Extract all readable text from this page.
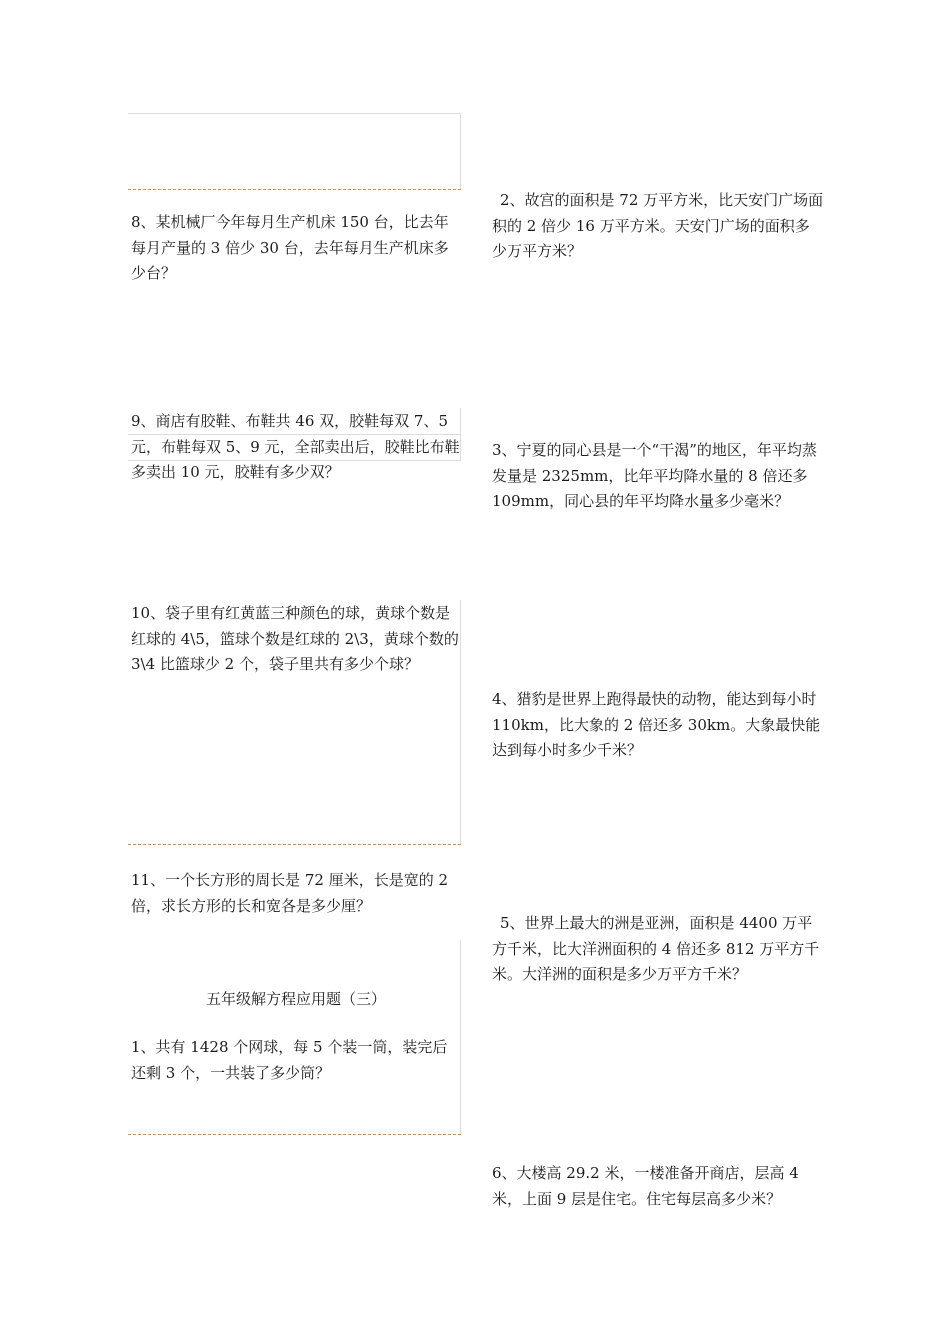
8、某机械厂今年每月生产机床 150 台，比去年每月产量的 3 倍少 30 台，去年每月生产机床多少台？

9、商店有胶鞋、布鞋共 46 双，胶鞋每双 7、5 元，布鞋每双 5、9 元，全部卖出后，胶鞋比布鞋多卖出 10 元，胶鞋有多少双？

10、袋子里有红黄蓝三种颜色的球，黄球个数是红球的 4\5，篮球个数是红球的 2\3，黄球个数的 3\4 比篮球少 2 个，袋子里共有多少个球？

11、一个长方形的周长是 72 厘米，长是宽的 2 倍，求长方形的长和宽各是多少厘？

五年级解方程应用题（三）

1、共有 1428 个网球，每 5 个装一筒，装完后还剩 3 个，一共装了多少筒？

2、故宫的面积是 72 万平方米，比天安门广场面积的 2 倍少 16 万平方米。天安门广场的面积多少万平方米？

3、宁夏的同心县是一个“干渴”的地区，年平均蒸发量是 2325mm，比年平均降水量的 8 倍还多 109mm，同心县的年平均降水量多少毫米？

4、猎豹是世界上跑得最快的动物，能达到每小时 110km，比大象的 2 倍还多 30km。大象最快能达到每小时多少千米？

5、世界上最大的洲是亚洲，面积是 4400 万平方千米，比大洋洲面积的 4 倍还多 812 万平方千米。大洋洲的面积是多少万平方千米？

6、大楼高 29.2 米，一楼准备开商店，层高 4 米，上面 9 层是住宅。住宅每层高多少米？
